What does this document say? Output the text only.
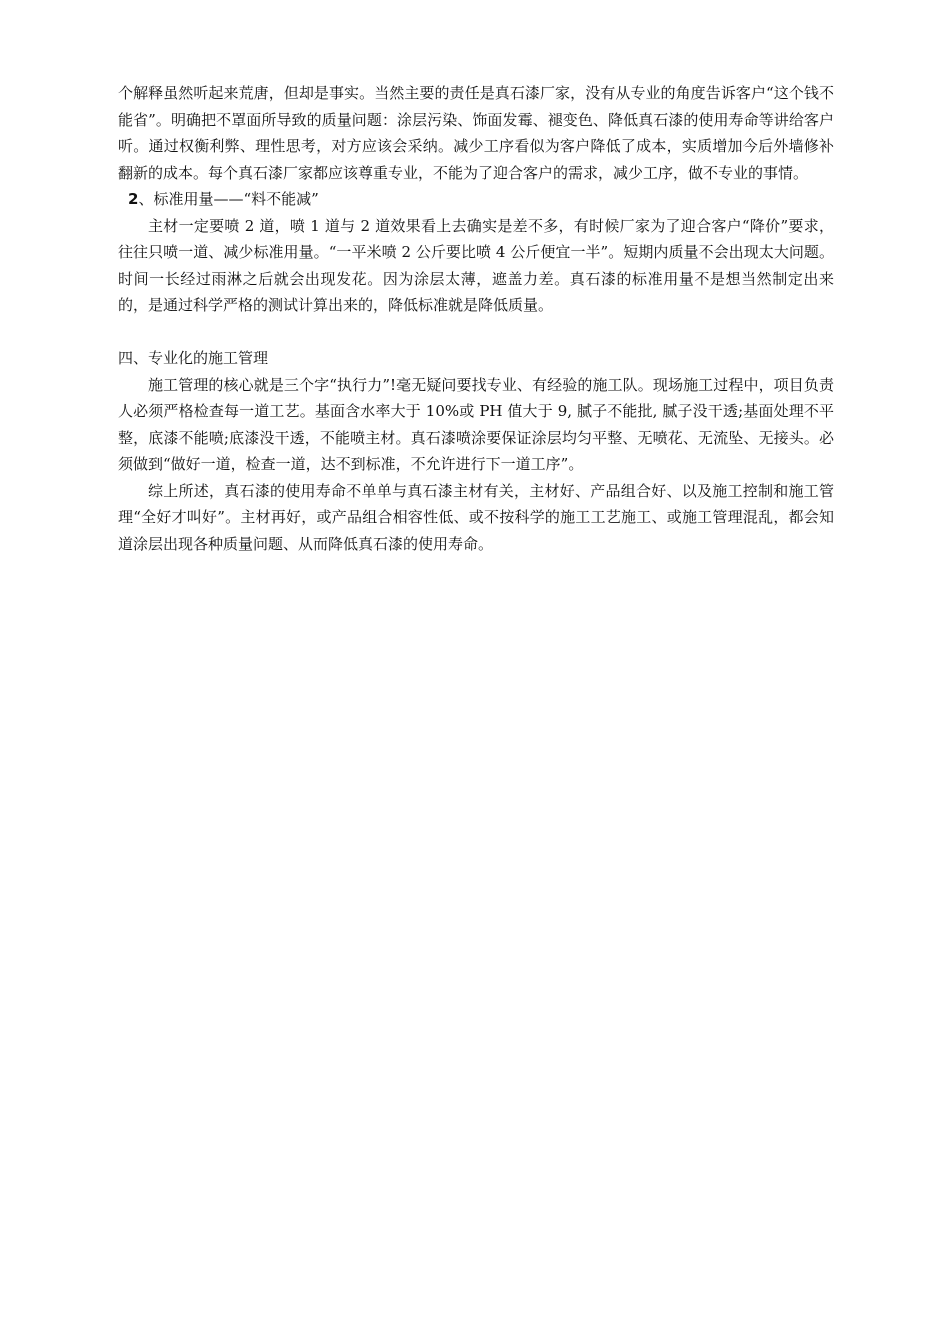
个解释虽然听起来荒唐，但却是事实。当然主要的责任是真石漆厂家，没有从专业的角度告诉客户“这个钱不能省”。明确把不罩面所导致的质量问题：涂层污染、饰面发霉、褪变色、降低真石漆的使用寿命等讲给客户听。通过权衡利弊、理性思考，对方应该会采纳。减少工序看似为客户降低了成本，实质增加今后外墙修补翻新的成本。每个真石漆厂家都应该尊重专业，不能为了迎合客户的需求，减少工序，做不专业的事情。

2、标准用量——“料不能减”

主材一定要喷 2 道，喷 1 道与 2 道效果看上去确实是差不多，有时候厂家为了迎合客户“降价”要求，往往只喷一道、减少标准用量。“一平米喷 2 公斤要比喷 4 公斤便宜一半”。短期内质量不会出现太大问题。时间一长经过雨淋之后就会出现发花。因为涂层太薄，遮盖力差。真石漆的标准用量不是想当然制定出来的，是通过科学严格的测试计算出来的，降低标准就是降低质量。

四、专业化的施工管理

施工管理的核心就是三个字“执行力”!毫无疑问要找专业、有经验的施工队。现场施工过程中，项目负责人必须严格检查每一道工艺。基面含水率大于 10%或 PH 值大于 9, 腻子不能批, 腻子没干透;基面处理不平整，底漆不能喷;底漆没干透，不能喷主材。真石漆喷涂要保证涂层均匀平整、无喷花、无流坠、无接头。必须做到“做好一道，检查一道，达不到标准，不允许进行下一道工序”。

综上所述，真石漆的使用寿命不单单与真石漆主材有关，主材好、产品组合好、以及施工控制和施工管理“全好才叫好”。主材再好，或产品组合相容性低、或不按科学的施工工艺施工、或施工管理混乱，都会知道涂层出现各种质量问题、从而降低真石漆的使用寿命。
